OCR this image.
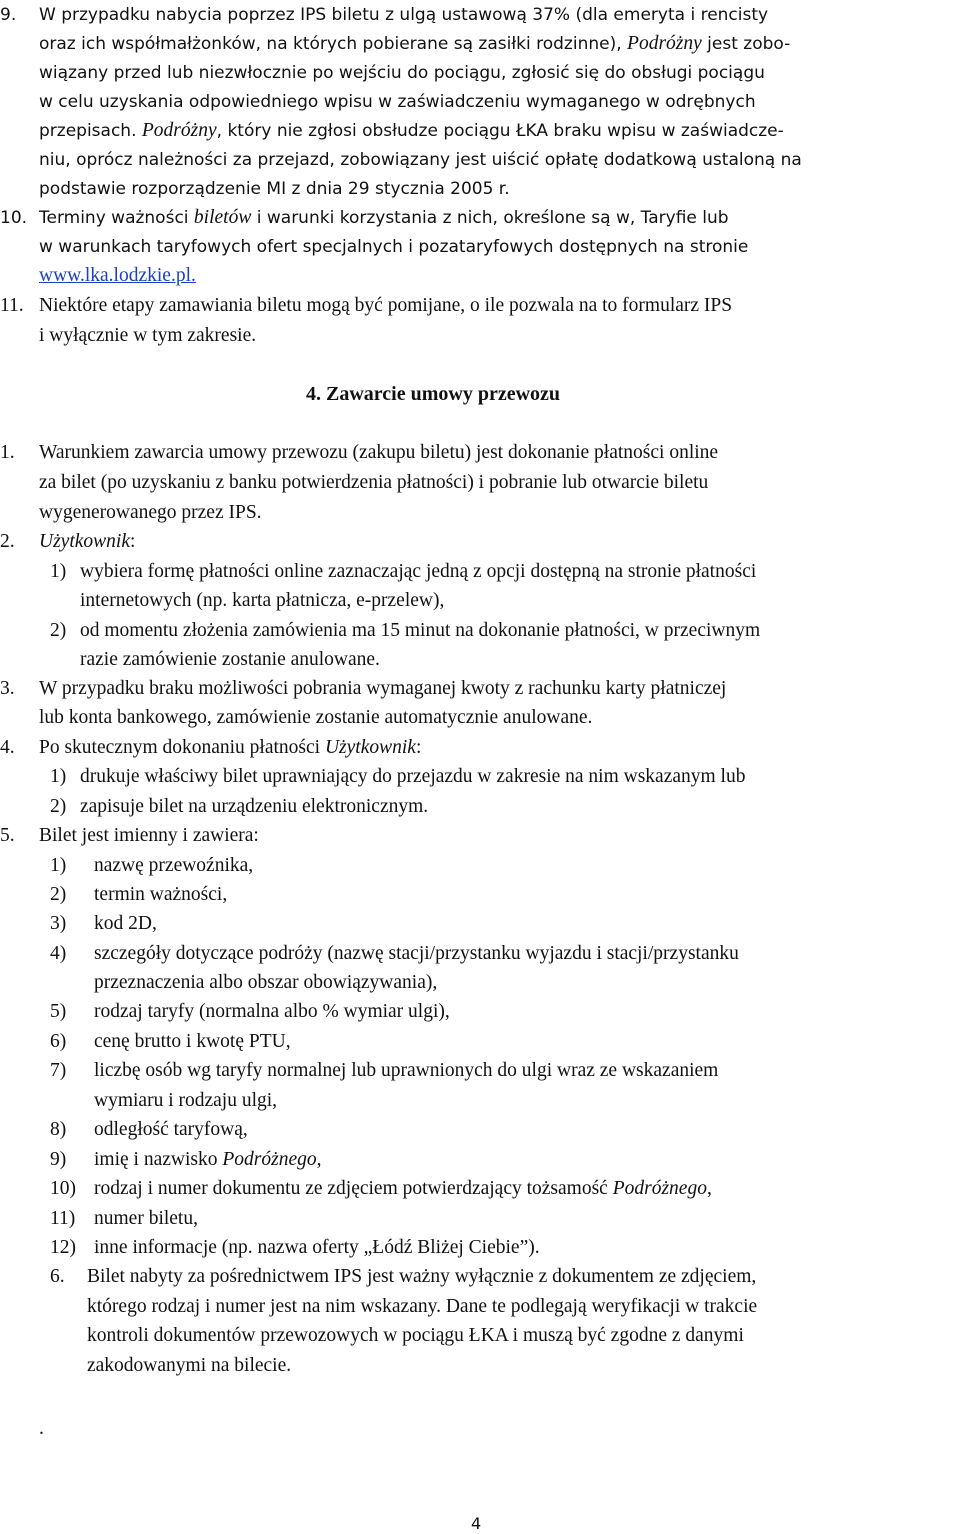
9. W przypadku nabycia poprzez IPS biletu z ulgą ustawową 37% (dla emeryta i rencisty
oraz ich współmałżonków, na których pobierane są zasiłki rodzinne), Podróżny jest zobo-
wiązany przed lub niezwłocznie po wejściu do pociągu, zgłosić się do obsługi pociągu
w celu uzyskania odpowiedniego wpisu w zaświadczeniu wymaganego w odrębnych
przepisach. Podróżny, który nie zgłosi obsłudze pociągu ŁKA braku wpisu w zaświadcze-
niu, oprócz należności za przejazd, zobowiązany jest uiścić opłatę dodatkową ustaloną na
podstawie rozporządzenie MI z dnia 29 stycznia 2005 r.
10. Terminy ważności biletów i warunki korzystania z nich, określone są w, Taryfie lub
w warunkach taryfowych ofert specjalnych i pozataryfowych dostępnych na stronie
www.lka.lodzkie.pl.
11. Niektóre etapy zamawiania biletu mogą być pomijane, o ile pozwala na to formularz IPS
i wyłącznie w tym zakresie.
4. Zawarcie umowy przewozu
1. Warunkiem zawarcia umowy przewozu (zakupu biletu) jest dokonanie płatności online
za bilet (po uzyskaniu z banku potwierdzenia płatności) i pobranie lub otwarcie biletu
wygenerowanego przez IPS.
2. Użytkownik:
1) wybiera formę płatności online zaznaczając jedną z opcji dostępną na stronie płatności
internetowych (np. karta płatnicza, e-przelew),
2) od momentu złożenia zamówienia ma 15 minut na dokonanie płatności, w przeciwnym
razie zamówienie zostanie anulowane.
3. W przypadku braku możliwości pobrania wymaganej kwoty z rachunku karty płatniczej
lub konta bankowego, zamówienie zostanie automatycznie anulowane.
4. Po skutecznym dokonaniu płatności Użytkownik:
1) drukuje właściwy bilet uprawniający do przejazdu w zakresie na nim wskazanym lub
2) zapisuje bilet na urządzeniu elektronicznym.
5. Bilet jest imienny i zawiera:
1) nazwę przewoźnika,
2) termin ważności,
3) kod 2D,
4) szczegóły dotyczące podróży (nazwę stacji/przystanku wyjazdu i stacji/przystanku
przeznaczenia albo obszar obowiązywania),
5) rodzaj taryfy (normalna albo % wymiar ulgi),
6) cenę brutto i kwotę PTU,
7) liczbę osób wg taryfy normalnej lub uprawnionych do ulgi wraz ze wskazaniem
wymiaru i rodzaju ulgi,
8) odległość taryfową,
9) imię i nazwisko Podróżnego,
10) rodzaj i numer dokumentu ze zdjęciem potwierdzający tożsamość Podróżnego,
11) numer biletu,
12) inne informacje (np. nazwa oferty „Łódź Bliżej Ciebie”).
6. Bilet nabyty za pośrednictwem IPS jest ważny wyłącznie z dokumentem ze zdjęciem,
którego rodzaj i numer jest na nim wskazany. Dane te podlegają weryfikacji w trakcie
kontroli dokumentów przewozowych w pociągu ŁKA i muszą być zgodne z danymi
zakodowanymi na bilecie.
.
4
